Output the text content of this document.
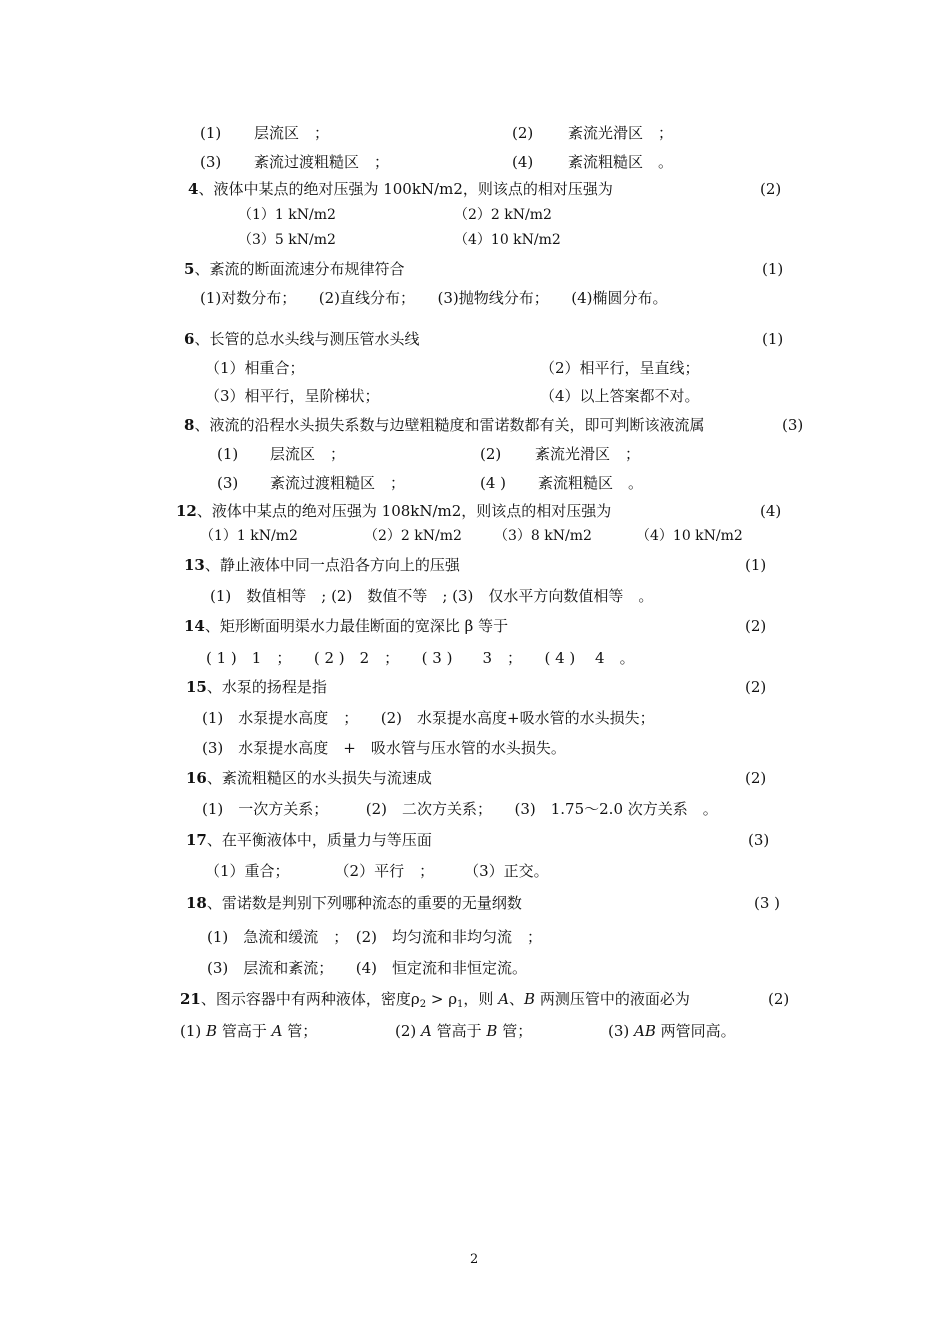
(1) 层流区　；	(2) 紊流光滑区　；
(3) 紊流过渡粗糙区　；	(4) 紊流粗糙区　。
4、液体中某点的绝对压强为 100kN/m2，则该点的相对压强为	(2)
（1）1 kN/m2	（2）2 kN/m2
（3）5 kN/m2	（4）10 kN/m2
5、紊流的断面流速分布规律符合	(1)
(1)对数分布；　　(2)直线分布；　　(3)抛物线分布；　　(4)椭圆分布。
6、长管的总水头线与测压管水头线	(1)
（1）相重合；	（2）相平行，呈直线；
（3）相平行，呈阶梯状；	（4）以上答案都不对。
8、液流的沿程水头损失系数与边壁粗糙度和雷诺数都有关，即可判断该液流属	(3)
(1) 层流区　；	(2) 紊流光滑区　；
(3) 紊流过渡粗糙区　；	(4 ) 紊流粗糙区　。
12、液体中某点的绝对压强为 108kN/m2，则该点的相对压强为	(4)
（1）1 kN/m2	（2）2 kN/m2 （3）8 kN/m2	（4）10 kN/m2
13、静止液体中同一点沿各方向上的压强	(1)
(1)　数值相等　; (2)　数值不等　; (3)　仅水平方向数值相等　。
14、矩形断面明渠水力最佳断面的宽深比 β 等于	(2)
( 1 )　1　；　　( 2 )　2　；　　( 3 )　　3　；　　( 4 )　 4　。
15、水泵的扬程是指	(2)
(1)　水泵提水高度　；　　(2)　水泵提水高度+吸水管的水头损失；
(3)　水泵提水高度　+　吸水管与压水管的水头损失。
16、紊流粗糙区的水头损失与流速成	(2)
(1)　一次方关系；　　　(2)　二次方关系；　　(3)　1.75～2.0 次方关系　。
17、在平衡液体中，质量力与等压面	(3)
（1）重合；　　　　（2）平行　；　　　（3）正交。
18、雷诺数是判别下列哪种流态的重要的无量纲数	(3 )
(1)　急流和缓流　；　(2)　均匀流和非均匀流　；
(3)　层流和紊流；　　(4)　恒定流和非恒定流。
21、图示容器中有两种液体，密度$\rho_2 > \rho_1$，则 A、B 两测压管中的液面必为	(2)
(1) B 管高于 A 管；	(2) A 管高于 B 管；	(3) AB 两管同高。
2
